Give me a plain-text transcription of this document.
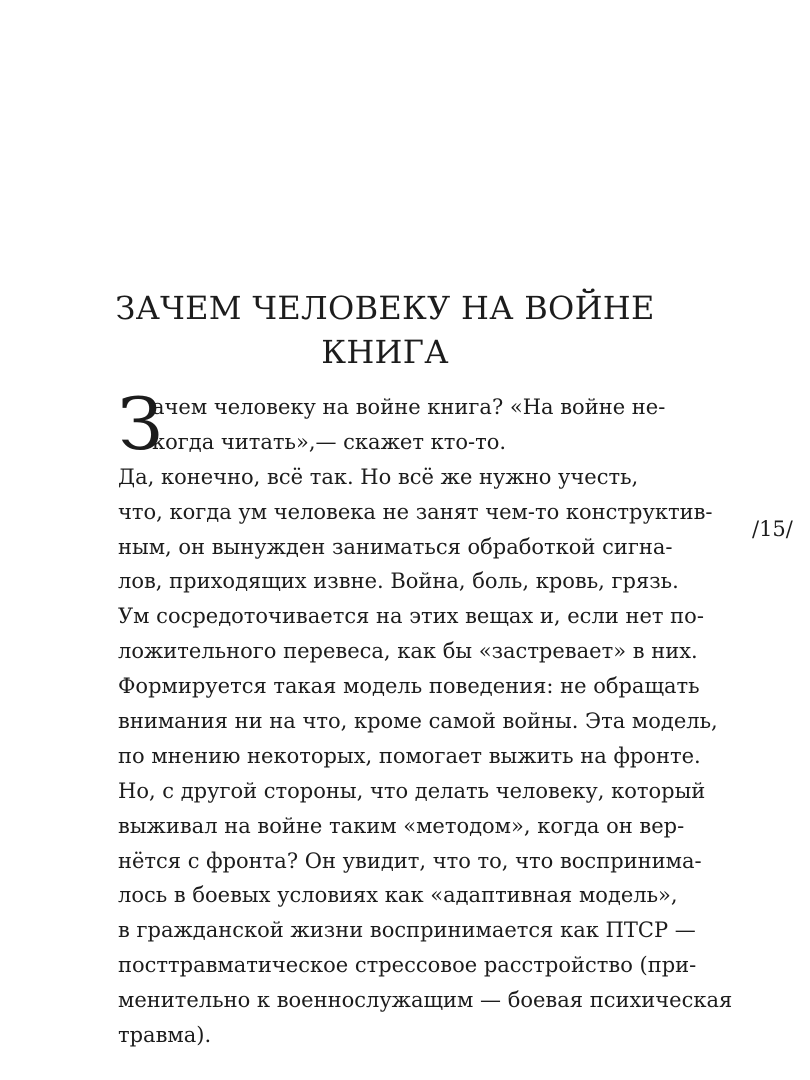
ЗАЧЕМ ЧЕЛОВЕКУ НА ВОЙНЕ
КНИГА
З
ачем человеку на войне книга? «На войне не-
когда читать»,— скажет кто-то.
Да, конечно, всё так. Но всё же нужно учесть,
что, когда ум человека не занят чем-то конструктив-
ным, он вынужден заниматься обработкой сигна-
лов, приходящих извне. Война, боль, кровь, грязь.
Ум сосредоточивается на этих вещах и, если нет по-
ложительного перевеса, как бы «застревает» в них.
Формируется такая модель поведения: не обращать
внимания ни на что, кроме самой войны. Эта модель,
по мнению некоторых, помогает выжить на фронте.
Но, с другой стороны, что делать человеку, который
выживал на войне таким «методом», когда он вер-
нётся с фронта? Он увидит, что то, что воспринима-
лось в боевых условиях как «адаптивная модель»,
в гражданской жизни воспринимается как ПТСР —
посттравматическое стрессовое расстройство (при-
менительно к военнослужащим — боевая психическая
травма).
/15/
